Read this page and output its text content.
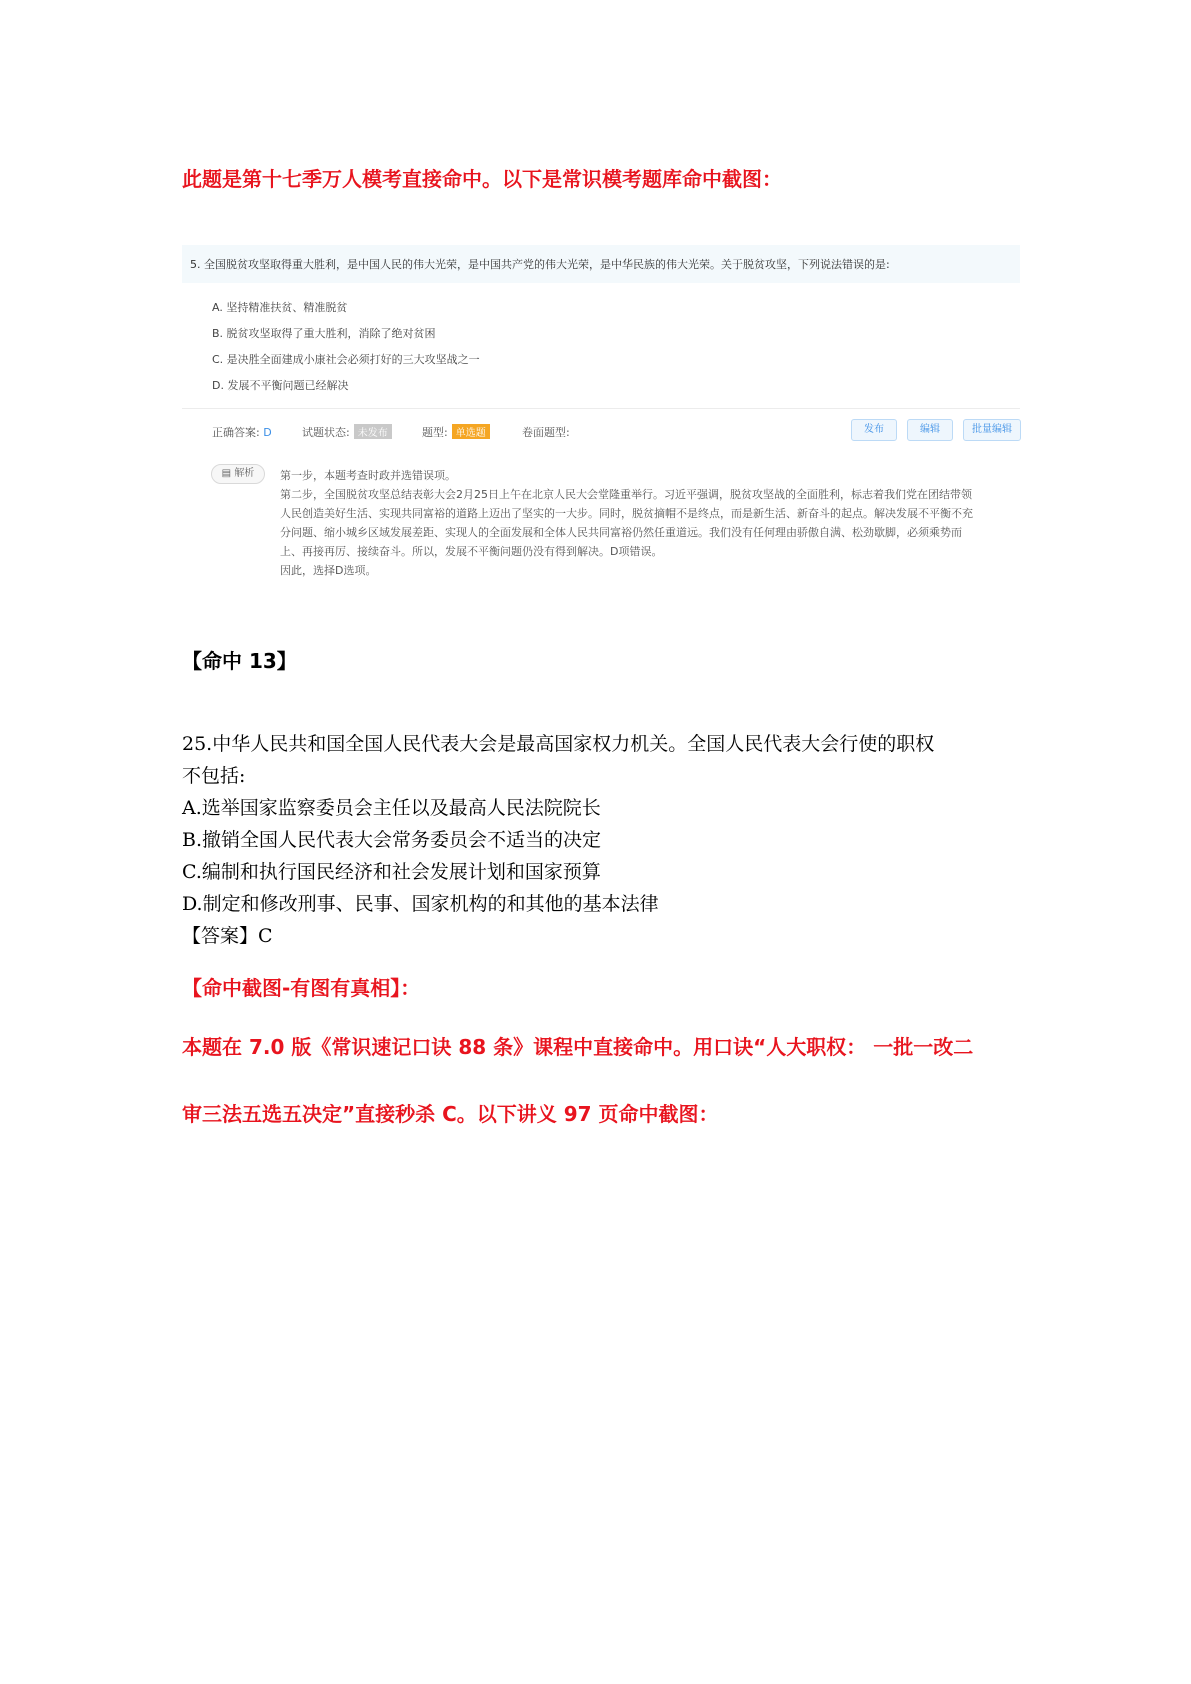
此题是第十七季万人模考直接命中。以下是常识模考题库命中截图：
5. 全国脱贫攻坚取得重大胜利，是中国人民的伟大光荣，是中国共产党的伟大光荣，是中华民族的伟大光荣。关于脱贫攻坚，下列说法错误的是:
A. 坚持精准扶贫、精准脱贫
B. 脱贫攻坚取得了重大胜利，消除了绝对贫困
C. 是决胜全面建成小康社会必须打好的三大攻坚战之一
D. 发展不平衡问题已经解决
正确答案: D	试题状态: 未发布	题型: 单选题	卷面题型:	发布	编辑	批量编辑
▤ 解析	第一步，本题考查时政并选错误项。
第二步，全国脱贫攻坚总结表彰大会2月25日上午在北京人民大会堂隆重举行。习近平强调，脱贫攻坚战的全面胜利，标志着我们党在团结带领
人民创造美好生活、实现共同富裕的道路上迈出了坚实的一大步。同时，脱贫摘帽不是终点，而是新生活、新奋斗的起点。解决发展不平衡不充
分问题、缩小城乡区域发展差距、实现人的全面发展和全体人民共同富裕仍然任重道远。我们没有任何理由骄傲自满、松劲歇脚，必须乘势而
上、再接再厉、接续奋斗。所以，发展不平衡问题仍没有得到解决。D项错误。
因此，选择D选项。
【命中 13】
25.中华人民共和国全国人民代表大会是最高国家权力机关。全国人民代表大会行使的职权
不包括:
A.选举国家监察委员会主任以及最高人民法院院长
B.撤销全国人民代表大会常务委员会不适当的决定
C.编制和执行国民经济和社会发展计划和国家预算
D.制定和修改刑事、民事、国家机构的和其他的基本法律
【答案】C
【命中截图-有图有真相】：
本题在 7.0 版《常识速记口诀 88 条》课程中直接命中。用口诀“人大职权： 一批一改二
审三法五选五决定”直接秒杀 C。以下讲义 97 页命中截图：
